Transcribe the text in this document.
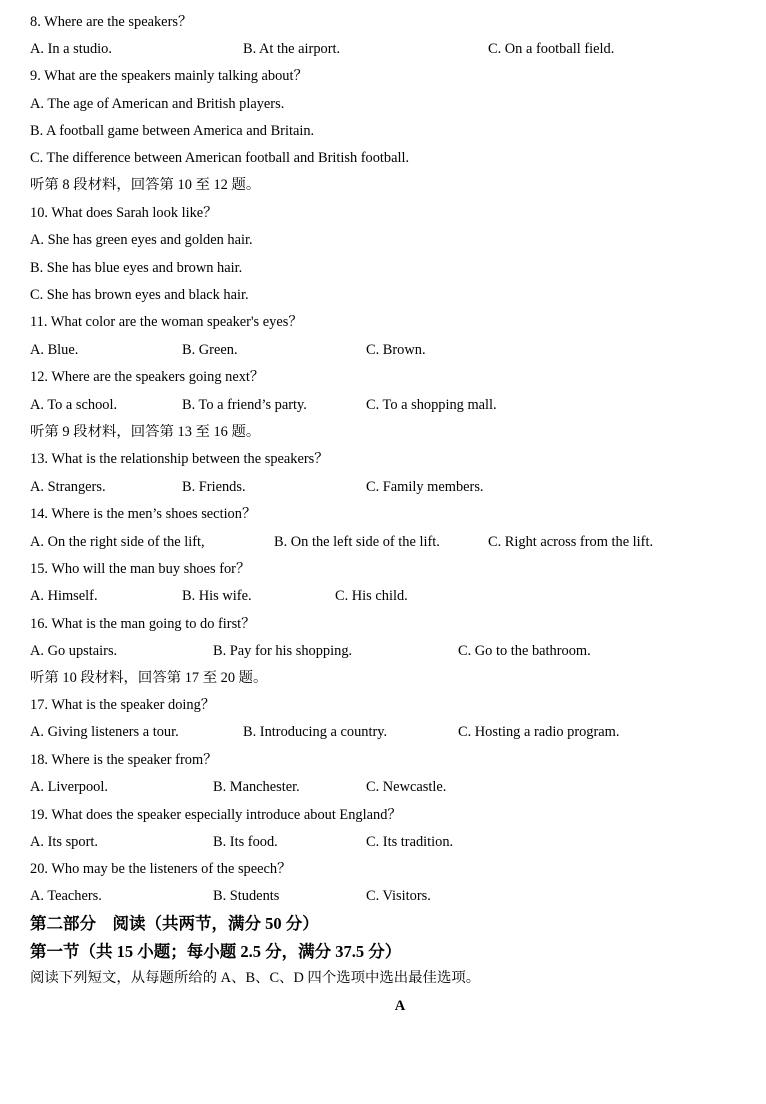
8. Where are the speakers？
A. In a studio.	B. At the airport.	C. On a football field.
9. What are the speakers mainly talking about？
A. The age of American and British players.
B. A football game between America and Britain.
C. The difference between American football and British football.
听第 8 段材料，回答第 10 至 12 题。
10. What does Sarah look like？
A. She has green eyes and golden hair.
B. She has blue eyes and brown hair.
C. She has brown eyes and black hair.
11. What color are the woman speaker's eyes？
A. Blue.	B. Green.	C. Brown.
12. Where are the speakers going next？
A. To a school.	B. To a friend’s party.	C. To a shopping mall.
听第 9 段材料，回答第 13 至 16 题。
13. What is the relationship between the speakers？
A. Strangers.	B. Friends.	C. Family members.
14. Where is the men’s shoes section？
A. On the right side of the lift,	B. On the left side of the lift.	C. Right across from the lift.
15. Who will the man buy shoes for？
A. Himself.	B. His wife.	C. His child.
16. What is the man going to do first？
A. Go upstairs.	B. Pay for his shopping.	C. Go to the bathroom.
听第 10 段材料，回答第 17 至 20 题。
17. What is the speaker doing？
A. Giving listeners a tour.	B. Introducing a country.	C. Hosting a radio program.
18. Where is the speaker from？
A. Liverpool.	B. Manchester.	C. Newcastle.
19. What does the speaker especially introduce about England？
A. Its sport.	B. Its food.	C. Its tradition.
20. Who may be the listeners of the speech？
A. Teachers.	B. Students	C. Visitors.
第二部分　阅读（共两节，满分 50 分）
第一节（共 15 小题；每小题 2.5 分，满分 37.5 分）
阅读下列短文，从每题所给的 A、B、C、D 四个选项中选出最佳选项。
A
